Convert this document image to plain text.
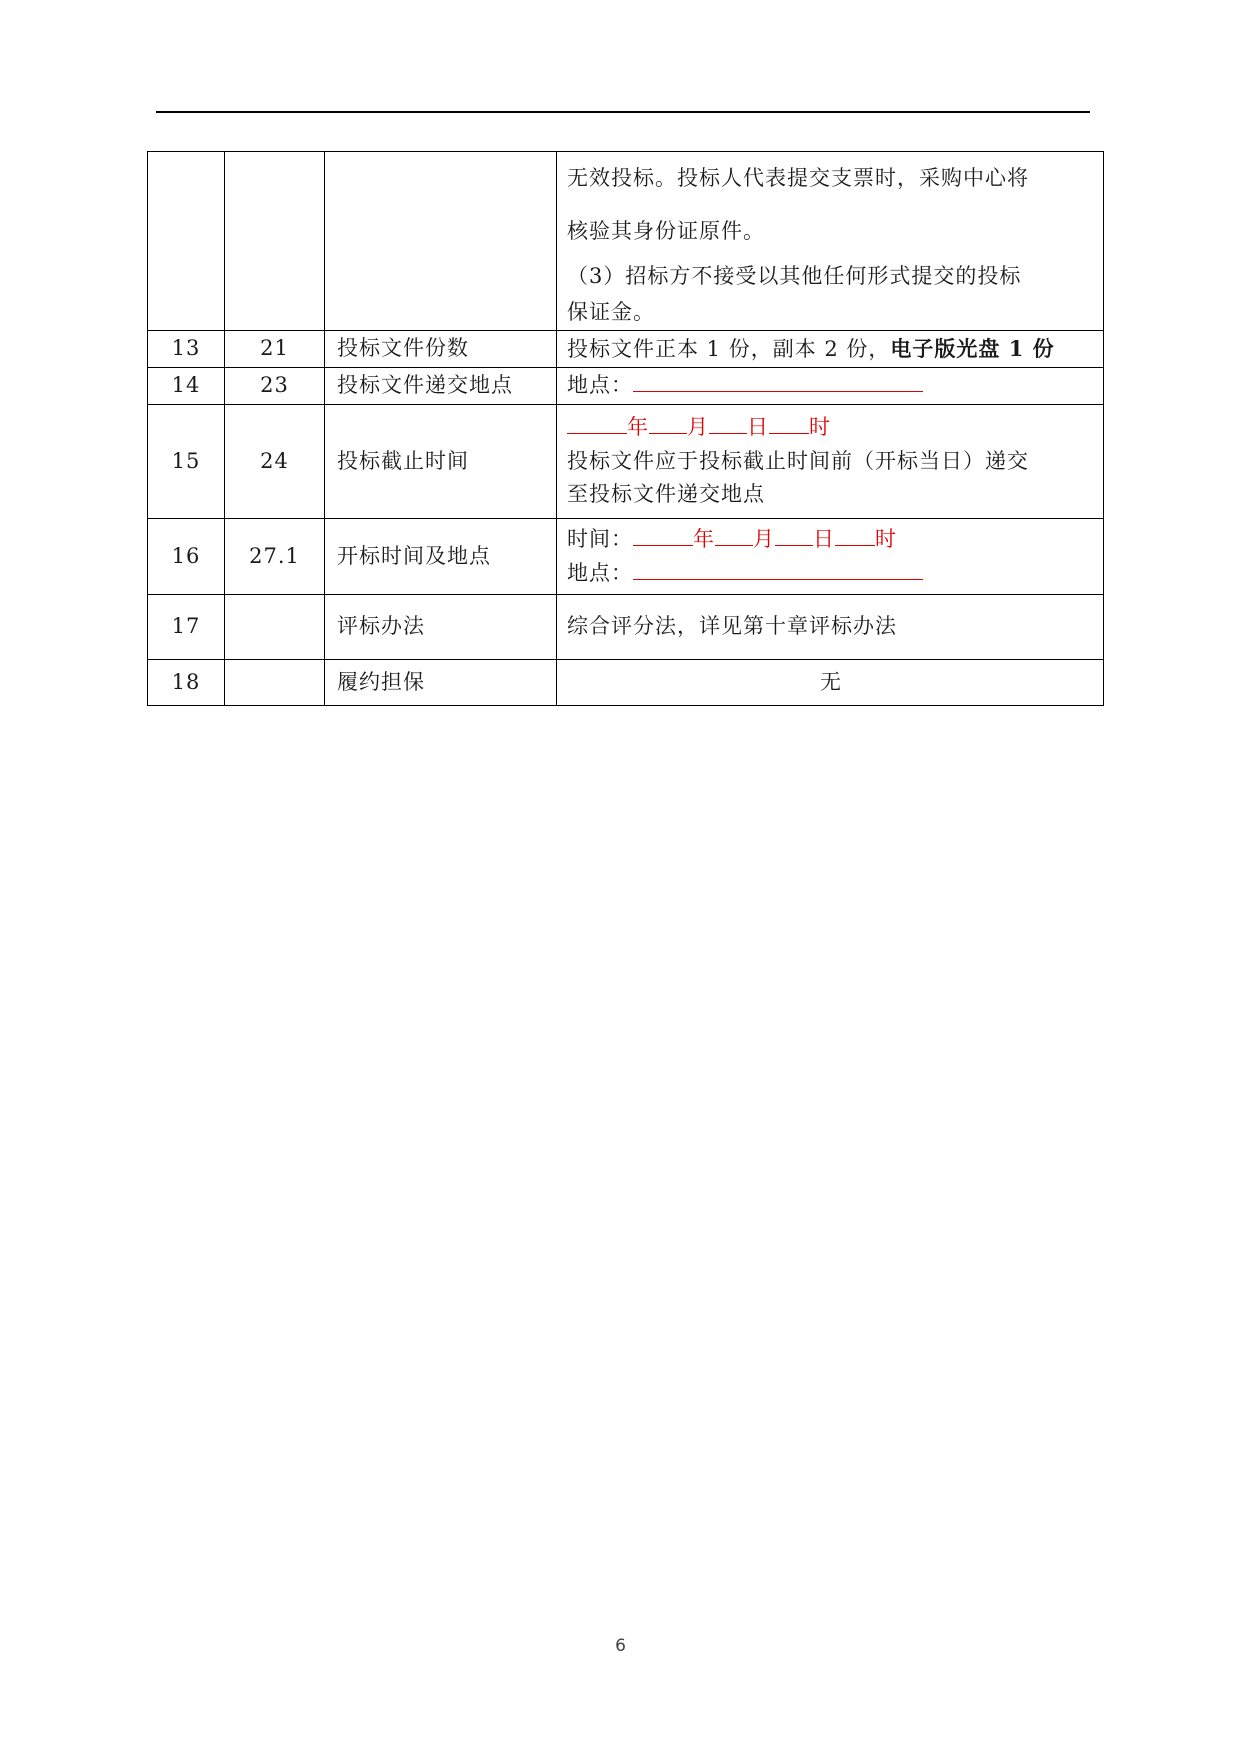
			无效投标。投标人代表提交支票时，采购中心将
核验其身份证原件。
（3）招标方不接受以其他任何形式提交的投标
保证金。

13	21	投标文件份数	投标文件正本 1 份，副本 2 份，电子版光盘 1 份
14	23	投标文件递交地点	地点：
15	24	投标截止时间	年 月 日 时
投标文件应于投标截止时间前（开标当日）递交
至投标文件递交地点

16	27.1	开标时间及地点	时间： 年 月 日 时
地点：

17		评标办法	综合评分法，详见第十章评标办法
18		履约担保	无
6
